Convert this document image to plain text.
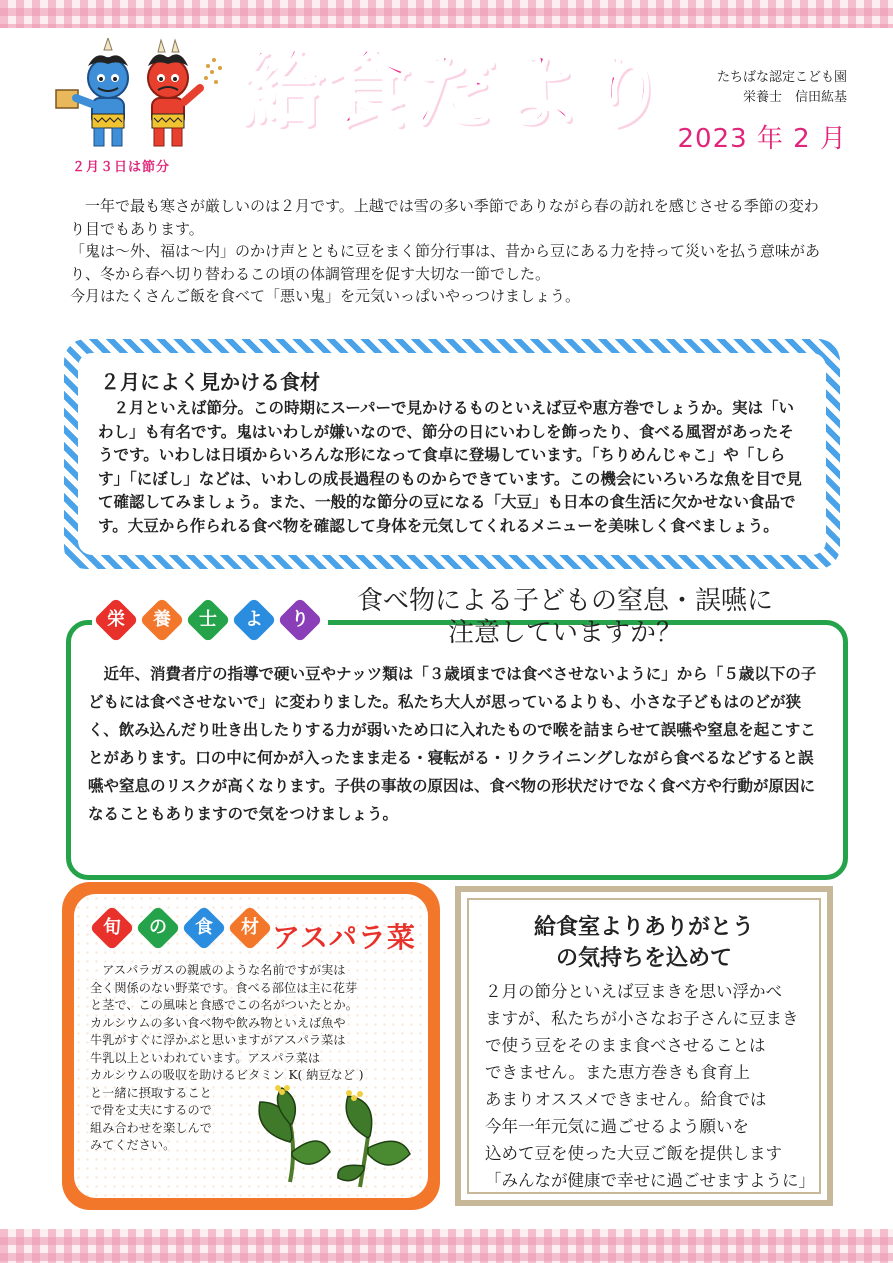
２月３日は節分
給食だより	たちばな認定こども園
栄養士　信田紘基
2023 年 2 月

　一年で最も寒さが厳しいのは２月です。上越では雪の多い季節でありながら春の訪れを感じさせる季節の変わり目でもあります。

「鬼は〜外、福は〜内」のかけ声とともに豆をまく節分行事は、昔から豆にある力を持って災いを払う意味があり、冬から春へ切り替わるこの頃の体調管理を促す大切な一節でした。

今月はたくさんご飯を食べて「悪い鬼」を元気いっぱいやっつけましょう。

２月によく見かける食材
　２月といえば節分。この時期にスーパーで見かけるものといえば豆や恵方巻でしょうか。実は「いわし」も有名です。鬼はいわしが嫌いなので、節分の日にいわしを飾ったり、食べる風習があったそうです。いわしは日頃からいろんな形になって食卓に登場しています。「ちりめんじゃこ」や「しらす」「にぼし」などは、いわしの成長過程のものからできています。この機会にいろいろな魚を目で見て確認してみましょう。また、一般的な節分の豆になる「大豆」も日本の食生活に欠かせない食品です。大豆から作られる食べ物を確認して身体を元気してくれるメニューを美味しく食べましょう。
栄	養	士	よ	り
食べ物による子どもの窒息・誤嚥に
注意していますか？
　近年、消費者庁の指導で硬い豆やナッツ類は「３歳頃までは食べさせないように」から「５歳以下の子どもには食べさせないで」に変わりました。私たち大人が思っているよりも、小さな子どもはのどが狭く、飲み込んだり吐き出したりする力が弱いため口に入れたもので喉を詰まらせて誤嚥や窒息を起こすことがあります。口の中に何かが入ったまま走る・寝転がる・リクライニングしながら食べるなどすると誤嚥や窒息のリスクが高くなります。子供の事故の原因は、食べ物の形状だけでなく食べ方や行動が原因になることもありますので気をつけましょう。
旬	の	食	材 アスパラ菜
　アスパラガスの親戚のような名前ですが実は
全く関係のない野菜です。食べる部位は主に花芽
と茎で、この風味と食感でこの名がついたとか。
カルシウムの多い食べ物や飲み物といえば魚や
牛乳がすぐに浮かぶと思いますがアスパラ菜は
牛乳以上といわれています。アスパラ菜は
カルシウムの吸収を助けるビタミン K( 納豆など )
と一緒に摂取すること
で骨を丈夫にするので
組み合わせを楽しんで
みてください。
給食室よりありがとう
の気持ちを込めて
２月の節分といえば豆まきを思い浮かべ
ますが、私たちが小さなお子さんに豆まき
で使う豆をそのまま食べさせることは
できません。また恵方巻きも食育上
あまりオススメできません。給食では
今年一年元気に過ごせるよう願いを
込めて豆を使った大豆ご飯を提供します
「みんなが健康で幸せに過ごせますように」
